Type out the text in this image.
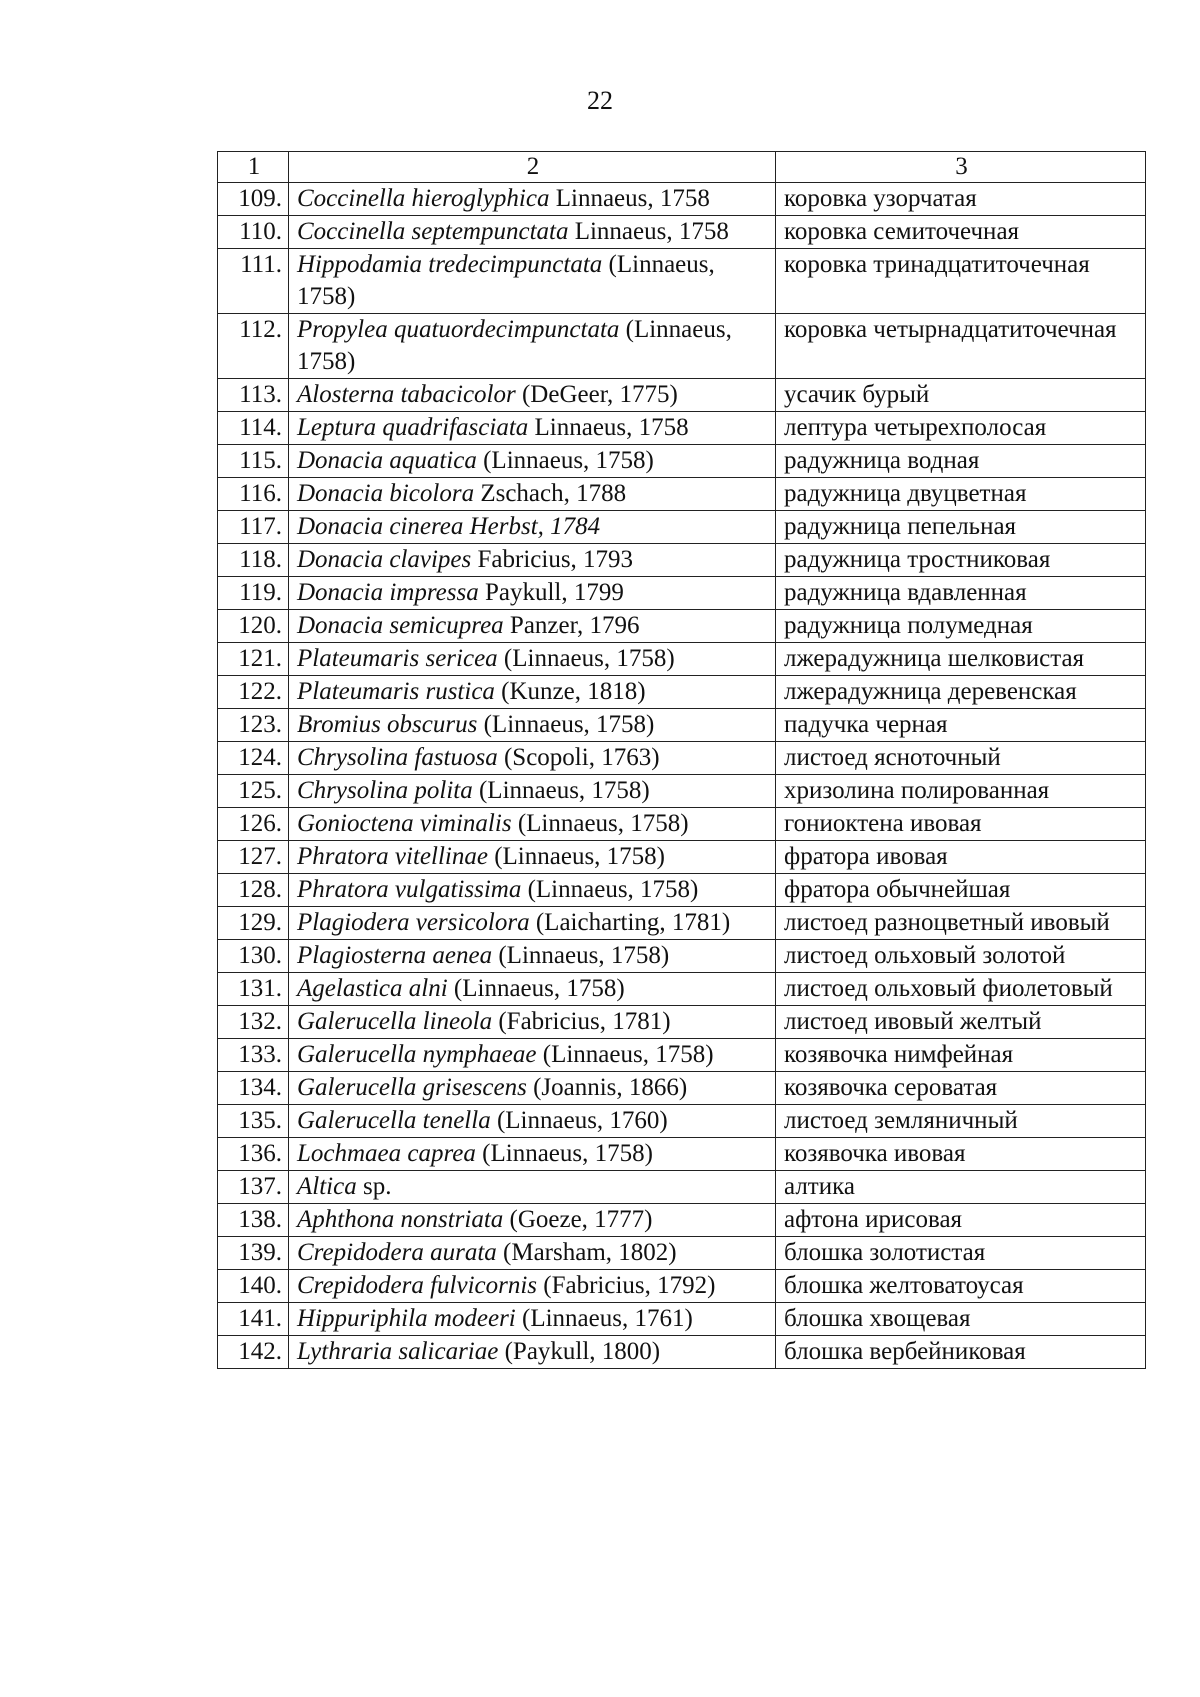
22
1	2	3
109.	Coccinella hieroglyphica Linnaeus, 1758	коровка узорчатая
110.	Coccinella septempunctata Linnaeus, 1758	коровка семиточечная
111.	Hippodamia tredecimpunctata (Linnaeus, 1758)	коровка тринадцатиточечная
112.	Propylea quatuordecimpunctata (Linnaeus, 1758)	коровка четырнадцатиточечная
113.	Alosterna tabacicolor (DeGeer, 1775)	усачик бурый
114.	Leptura quadrifasciata Linnaeus, 1758	лептура четырехполосая
115.	Donacia aquatica (Linnaeus, 1758)	радужница водная
116.	Donacia bicolora Zschach, 1788	радужница двуцветная
117.	Donacia cinerea Herbst, 1784	радужница пепельная
118.	Donacia clavipes Fabricius, 1793	радужница тростниковая
119.	Donacia impressa Paykull, 1799	радужница вдавленная
120.	Donacia semicuprea Panzer, 1796	радужница полумедная
121.	Plateumaris sericea (Linnaeus, 1758)	лжерадужница шелковистая
122.	Plateumaris rustica (Kunze, 1818)	лжерадужница деревенская
123.	Bromius obscurus (Linnaeus, 1758)	падучка черная
124.	Chrysolina fastuosa (Scopoli, 1763)	листоед ясноточный
125.	Chrysolina polita (Linnaeus, 1758)	хризолина полированная
126.	Gonioctena viminalis (Linnaeus, 1758)	гониоктена ивовая
127.	Phratora vitellinae (Linnaeus, 1758)	фратора ивовая
128.	Phratora vulgatissima (Linnaeus, 1758)	фратора обычнейшая
129.	Plagiodera versicolora (Laicharting, 1781)	листоед разноцветный ивовый
130.	Plagiosterna aenea (Linnaeus, 1758)	листоед ольховый золотой
131.	Agelastica alni (Linnaeus, 1758)	листоед ольховый фиолетовый
132.	Galerucella lineola (Fabricius, 1781)	листоед ивовый желтый
133.	Galerucella nymphaeae (Linnaeus, 1758)	козявочка нимфейная
134.	Galerucella grisescens (Joannis, 1866)	козявочка сероватая
135.	Galerucella tenella (Linnaeus, 1760)	листоед земляничный
136.	Lochmaea caprea (Linnaeus, 1758)	козявочка ивовая
137.	Altica sp.	алтика
138.	Aphthona nonstriata (Goeze, 1777)	афтона ирисовая
139.	Crepidodera aurata (Marsham, 1802)	блошка золотистая
140.	Crepidodera fulvicornis (Fabricius, 1792)	блошка желтоватоусая
141.	Hippuriphila modeeri (Linnaeus, 1761)	блошка хвощевая
142.	Lythraria salicariae (Paykull, 1800)	блошка вербейниковая
